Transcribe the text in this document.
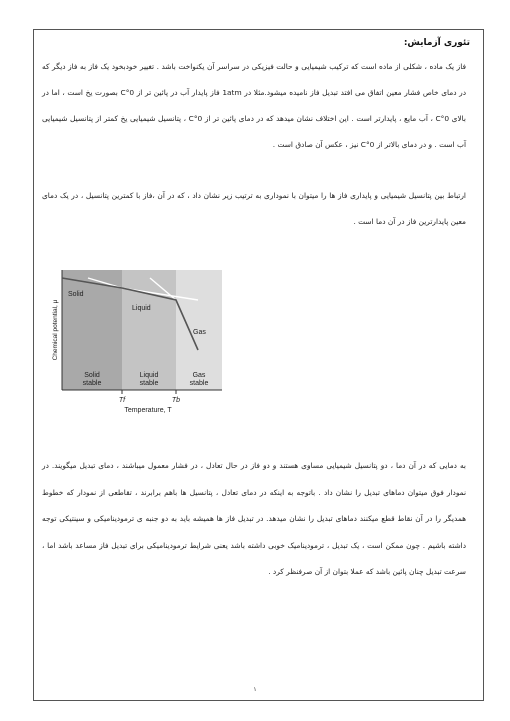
تئوری آزمایش:

فاز یک ماده ، شکلی از ماده است که ترکیب شیمیایی و حالت فیزیکی در سراسر آن یکنواخت باشد . تغییر خودبخود یک فاز به فاز دیگر که در دمای خاص فشار معین اتفاق می افتد تبدیل فاز نامیده میشود.مثلا در 1atm فاز پایدار آب در پائین تر از 0°C بصورت یخ است ، اما در بالای 0°C ، آب مایع ، پایدارتر است . این اختلاف نشان میدهد که در دمای پائین تر از 0°C ، پتانسیل شیمیایی یخ کمتر از پتانسیل شیمیایی آب است . و در دمای بالاتر از 0°C نیز ، عکس آن صادق است .

ارتباط بین پتانسیل شیمیایی و پایداری فاز ها را میتوان با نموداری به ترتیب زیر نشان داد ، که در آن ،فاز با کمترین پتانسیل ، در یک دمای معین پایدارترین فاز در آن دما است .

Solid
Liquid
Gas
Solid
stable
Liquid
stable
Gas
stable
Tf	Tb
Temperature, T
Chemical potential, μ

به دمایی که در آن دما ، دو پتانسیل شیمیایی مساوی هستند و دو فاز در حال تعادل ، در فشار معمول میباشند ، دمای تبدیل میگویند. در نمودار فوق میتوان دماهای تبدیل را نشان داد . باتوجه به اینکه در دمای تعادل ، پتانسیل ها باهم برابرند ، تقاطعی از نمودار که خطوط همدیگر را در آن نقاط قطع میکنند دماهای تبدیل را نشان میدهد. در تبدیل فاز ها همیشه باید به دو جنبه ی ترمودینامیکی و سینتیکی توجه داشته باشیم . چون ممکن است ، یک تبدیل ، ترمودینامیک خوبی داشته باشد یعنی شرایط ترمودینامیکی برای تبدیل فاز مساعد باشد اما ، سرعت تبدیل چنان پائین باشد که عملا بتوان از آن صرفنظر کرد .

۱
